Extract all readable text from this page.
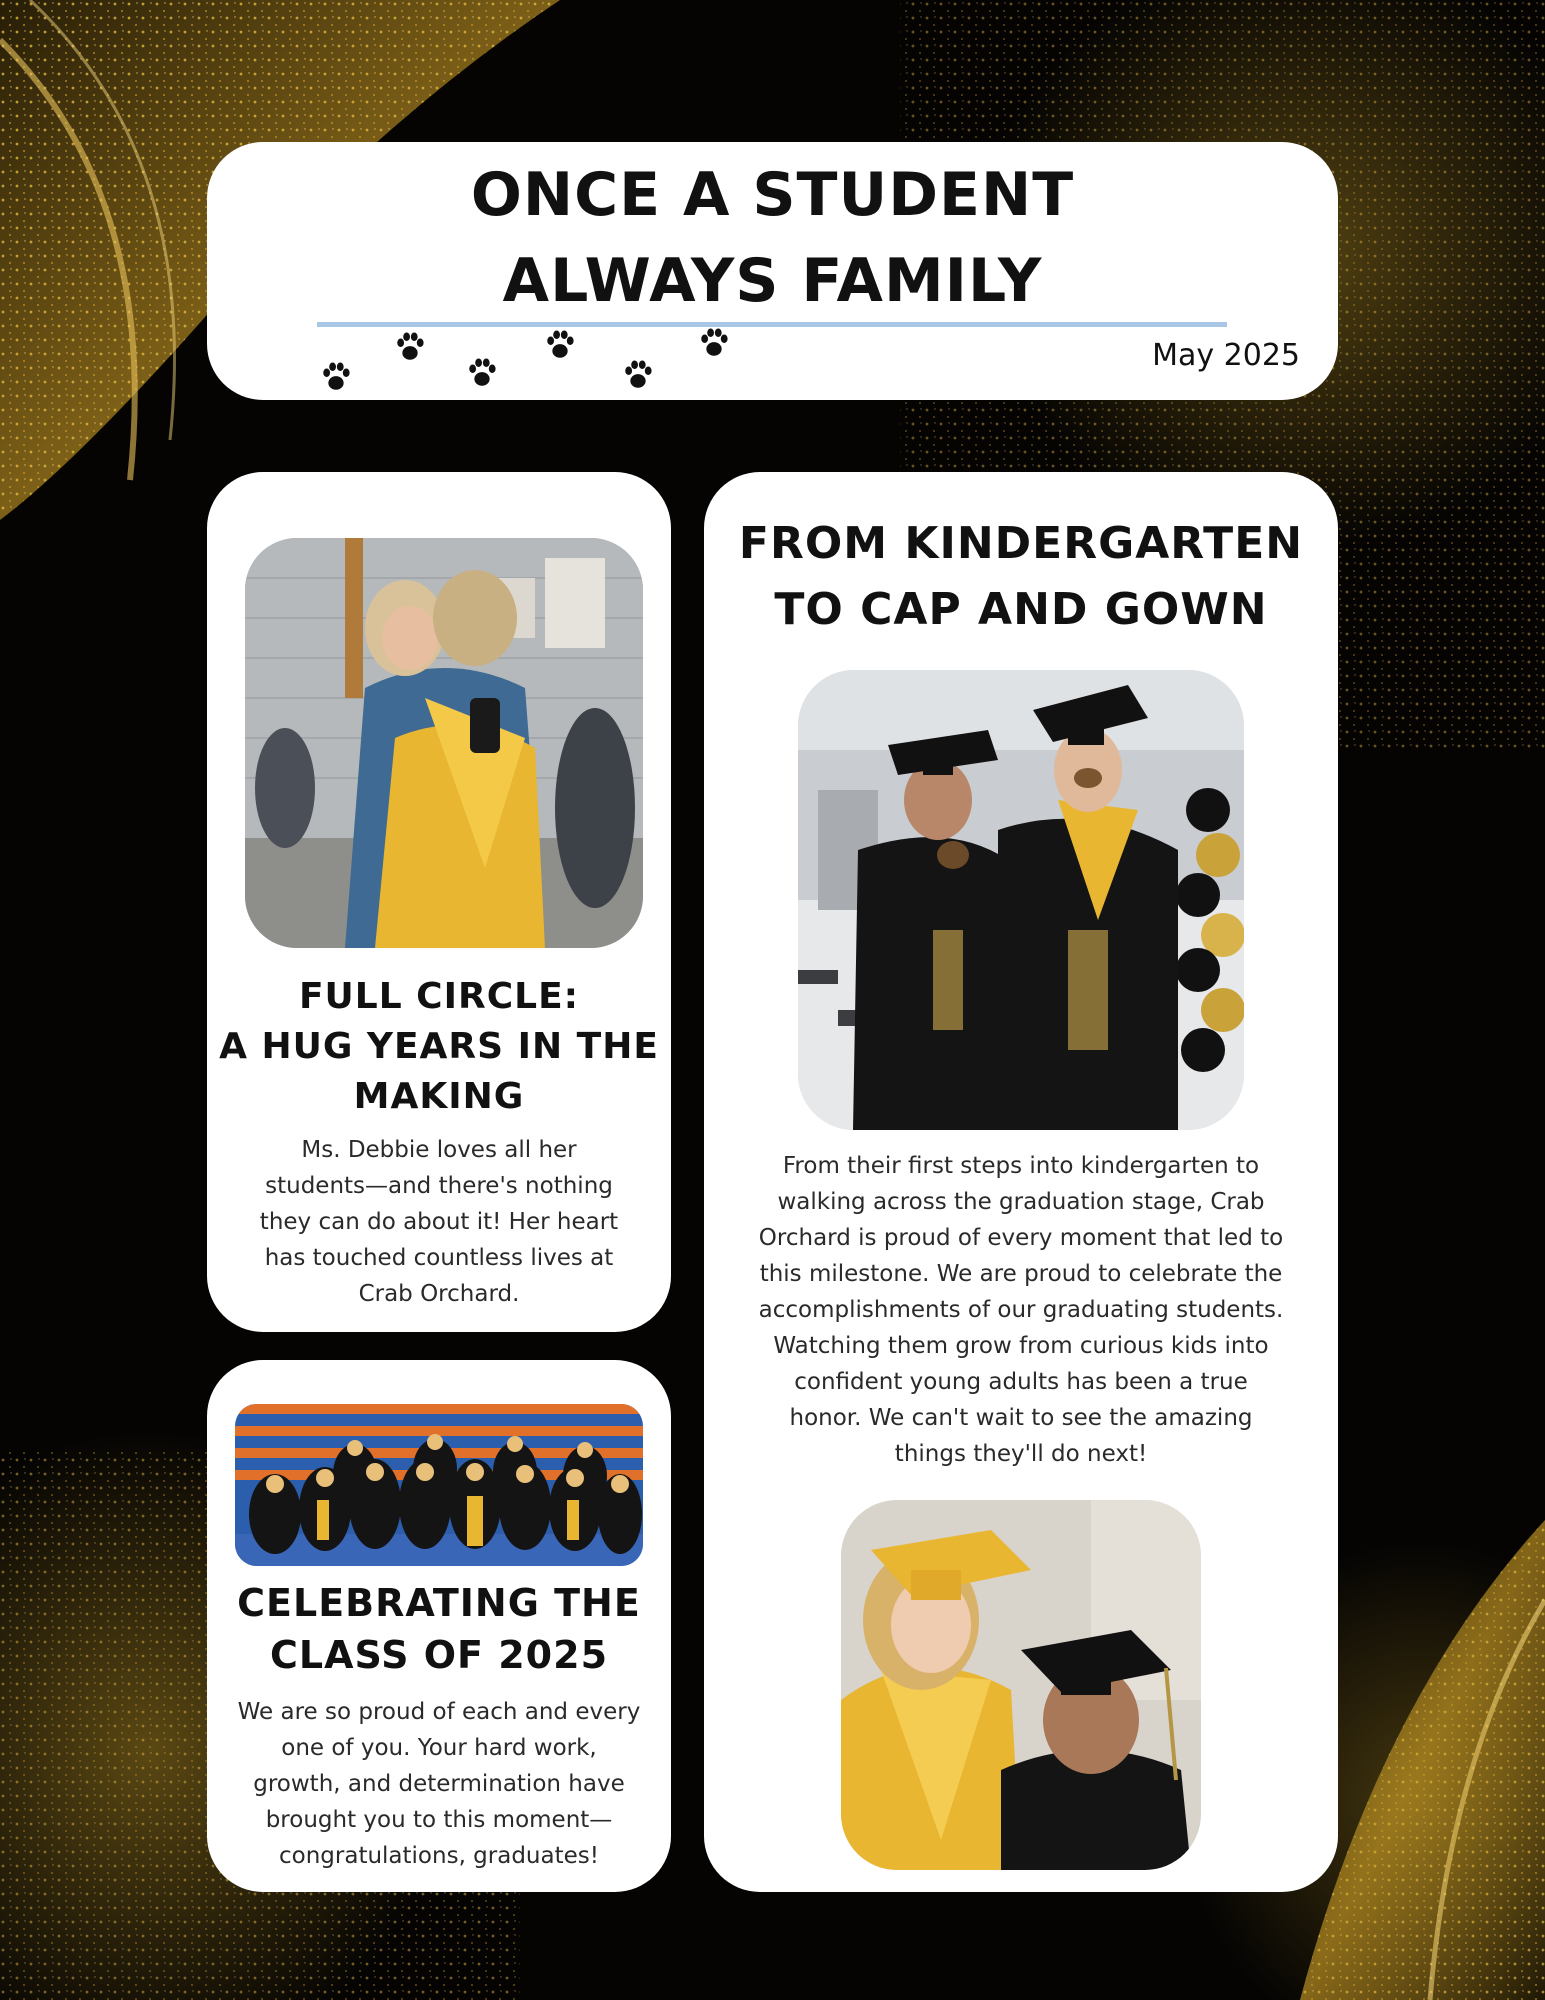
ONCE A STUDENT
ALWAYS FAMILY
May 2025
FULL CIRCLE:
A HUG YEARS IN THE
MAKING

Ms. Debbie loves all her students—and there's nothing they can do about it! Her heart has touched countless lives at Crab Orchard.

CELEBRATING THE
CLASS OF 2025

We are so proud of each and every one of you. Your hard work, growth, and determination have brought you to this moment—congratulations, graduates!

FROM KINDERGARTEN
TO CAP AND GOWN

From their first steps into kindergarten to walking across the graduation stage, Crab Orchard is proud of every moment that led to this milestone. We are proud to celebrate the accomplishments of our graduating students. Watching them grow from curious kids into confident young adults has been a true honor. We can't wait to see the amazing things they'll do next!
